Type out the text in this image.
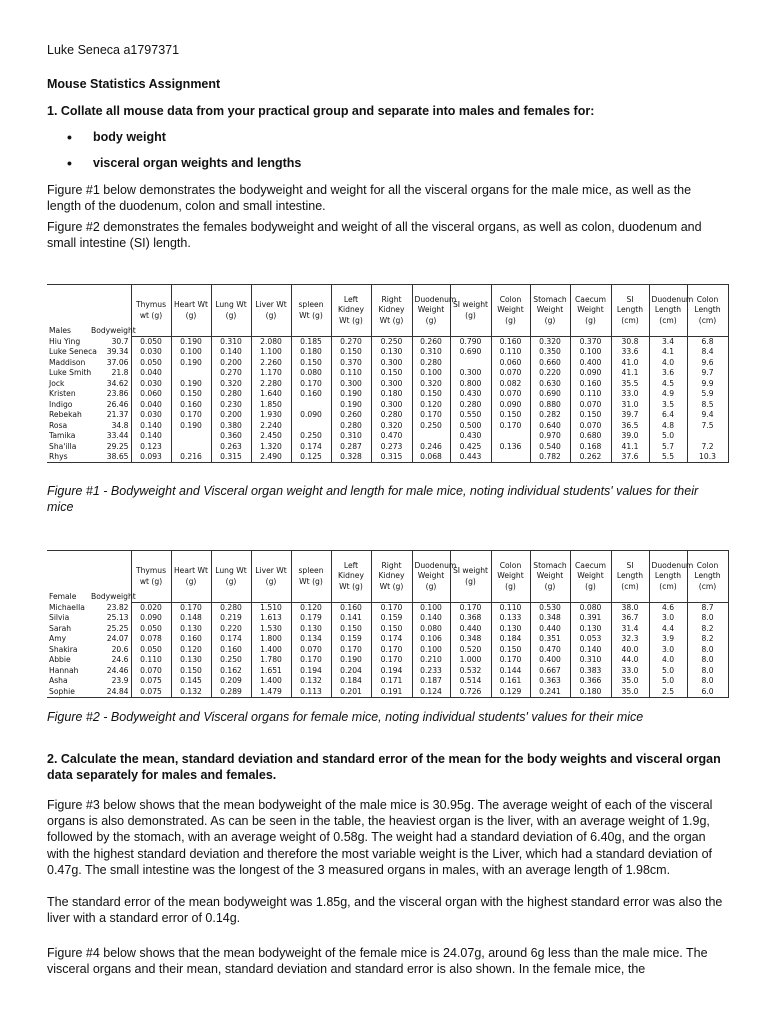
Luke Seneca a1797371
Mouse Statistics Assignment
1. Collate all mouse data from your practical group and separate into males and females for:
• body weight
• visceral organ weights and lengths

Figure #1 below demonstrates the bodyweight and weight for all the visceral organs for the male mice, as well as the length of the duodenum, colon and small intestine.

Figure #2 demonstrates the females bodyweight and weight of all the visceral organs, as well as colon, duodenum and small intestine (SI) length.

Males	Bodyweight	Thymus wt (g)	Heart Wt (g)	Lung Wt (g)	Liver Wt (g)	spleen Wt (g)	Left Kidney Wt (g)	Right Kidney Wt (g)	Duodenum Weight (g)	SI weight (g)	Colon Weight (g)	Stomach Weight (g)	Caecum Weight (g)	SI Length (cm)	Duodenum Length (cm)	Colon Length (cm)
Hiu Ying	30.7	0.050	0.190	0.310	2.080	0.185	0.270	0.250	0.260	0.790	0.160	0.320	0.370	30.8	3.4	6.8
Luke Seneca	39.34	0.030	0.100	0.140	1.100	0.180	0.150	0.130	0.310	0.690	0.110	0.350	0.100	33.6	4.1	8.4
Maddison	37.06	0.050	0.190	0.200	2.260	0.150	0.370	0.300	0.280		0.060	0.660	0.400	41.0	4.0	9.6
Luke Smith	21.8	0.040		0.270	1.170	0.080	0.110	0.150	0.100	0.300	0.070	0.220	0.090	41.1	3.6	9.7
Jock	34.62	0.030	0.190	0.320	2.280	0.170	0.300	0.300	0.320	0.800	0.082	0.630	0.160	35.5	4.5	9.9
Kristen	23.86	0.060	0.150	0.280	1.640	0.160	0.190	0.180	0.150	0.430	0.070	0.690	0.110	33.0	4.9	5.9
Indigo	26.46	0.040	0.160	0.230	1.850		0.190	0.300	0.120	0.280	0.090	0.880	0.070	31.0	3.5	8.5
Rebekah	21.37	0.030	0.170	0.200	1.930	0.090	0.260	0.280	0.170	0.550	0.150	0.282	0.150	39.7	6.4	9.4
Rosa	34.8	0.140	0.190	0.380	2.240		0.280	0.320	0.250	0.500	0.170	0.640	0.070	36.5	4.8	7.5
Tamika	33.44	0.140		0.360	2.450	0.250	0.310	0.470		0.430		0.970	0.680	39.0	5.0	
Sha'illa	29.25	0.123		0.263	1.320	0.174	0.287	0.273	0.246	0.425	0.136	0.540	0.168	41.1	5.7	7.2
Rhys	38.65	0.093	0.216	0.315	2.490	0.125	0.328	0.315	0.068	0.443		0.782	0.262	37.6	5.5	10.3

Figure #1 - Bodyweight and Visceral organ weight and length for male mice, noting individual students' values for their mice

Female	Bodyweight	Thymus wt (g)	Heart Wt (g)	Lung Wt (g)	Liver Wt (g)	spleen Wt (g)	Left Kidney Wt (g)	Right Kidney Wt (g)	Duodenum Weight (g)	SI weight (g)	Colon Weight (g)	Stomach Weight (g)	Caecum Weight (g)	SI Length (cm)	Duodenum Length (cm)	Colon Length (cm)
Michaella	23.82	0.020	0.170	0.280	1.510	0.120	0.160	0.170	0.100	0.170	0.110	0.530	0.080	38.0	4.6	8.7
Silvia	25.13	0.090	0.148	0.219	1.613	0.179	0.141	0.159	0.140	0.368	0.133	0.348	0.391	36.7	3.0	8.0
Sarah	25.25	0.050	0.130	0.220	1.530	0.130	0.150	0.150	0.080	0.440	0.130	0.440	0.130	31.4	4.4	8.2
Amy	24.07	0.078	0.160	0.174	1.800	0.134	0.159	0.174	0.106	0.348	0.184	0.351	0.053	32.3	3.9	8.2
Shakira	20.6	0.050	0.120	0.160	1.400	0.070	0.170	0.170	0.100	0.520	0.150	0.470	0.140	40.0	3.0	8.0
Abbie	24.6	0.110	0.130	0.250	1.780	0.170	0.190	0.170	0.210	1.000	0.170	0.400	0.310	44.0	4.0	8.0
Hannah	24.46	0.070	0.150	0.162	1.651	0.194	0.204	0.194	0.233	0.532	0.144	0.667	0.383	33.0	5.0	8.0
Asha	23.9	0.075	0.145	0.209	1.400	0.132	0.184	0.171	0.187	0.514	0.161	0.363	0.366	35.0	5.0	8.0
Sophie	24.84	0.075	0.132	0.289	1.479	0.113	0.201	0.191	0.124	0.726	0.129	0.241	0.180	35.0	2.5	6.0

Figure #2 - Bodyweight and Visceral organs for female mice, noting individual students' values for their mice

2. Calculate the mean, standard deviation and standard error of the mean for the body weights and visceral organ data separately for males and females.

Figure #3 below shows that the mean bodyweight of the male mice is 30.95g. The average weight of each of the visceral organs is also demonstrated. As can be seen in the table, the heaviest organ is the liver, with an average weight of 1.9g, followed by the stomach, with an average weight of 0.58g. The weight had a standard deviation of 6.40g, and the organ with the highest standard deviation and therefore the most variable weight is the Liver, which had a standard deviation of 0.47g. The small intestine was the longest of the 3 measured organs in males, with an average length of 1.98cm.

The standard error of the mean bodyweight was 1.85g, and the visceral organ with the highest standard error was also the liver with a standard error of 0.14g.

Figure #4 below shows that the mean bodyweight of the female mice is 24.07g, around 6g less than the male mice. The visceral organs and their mean, standard deviation and standard error is also shown. In the female mice, the
